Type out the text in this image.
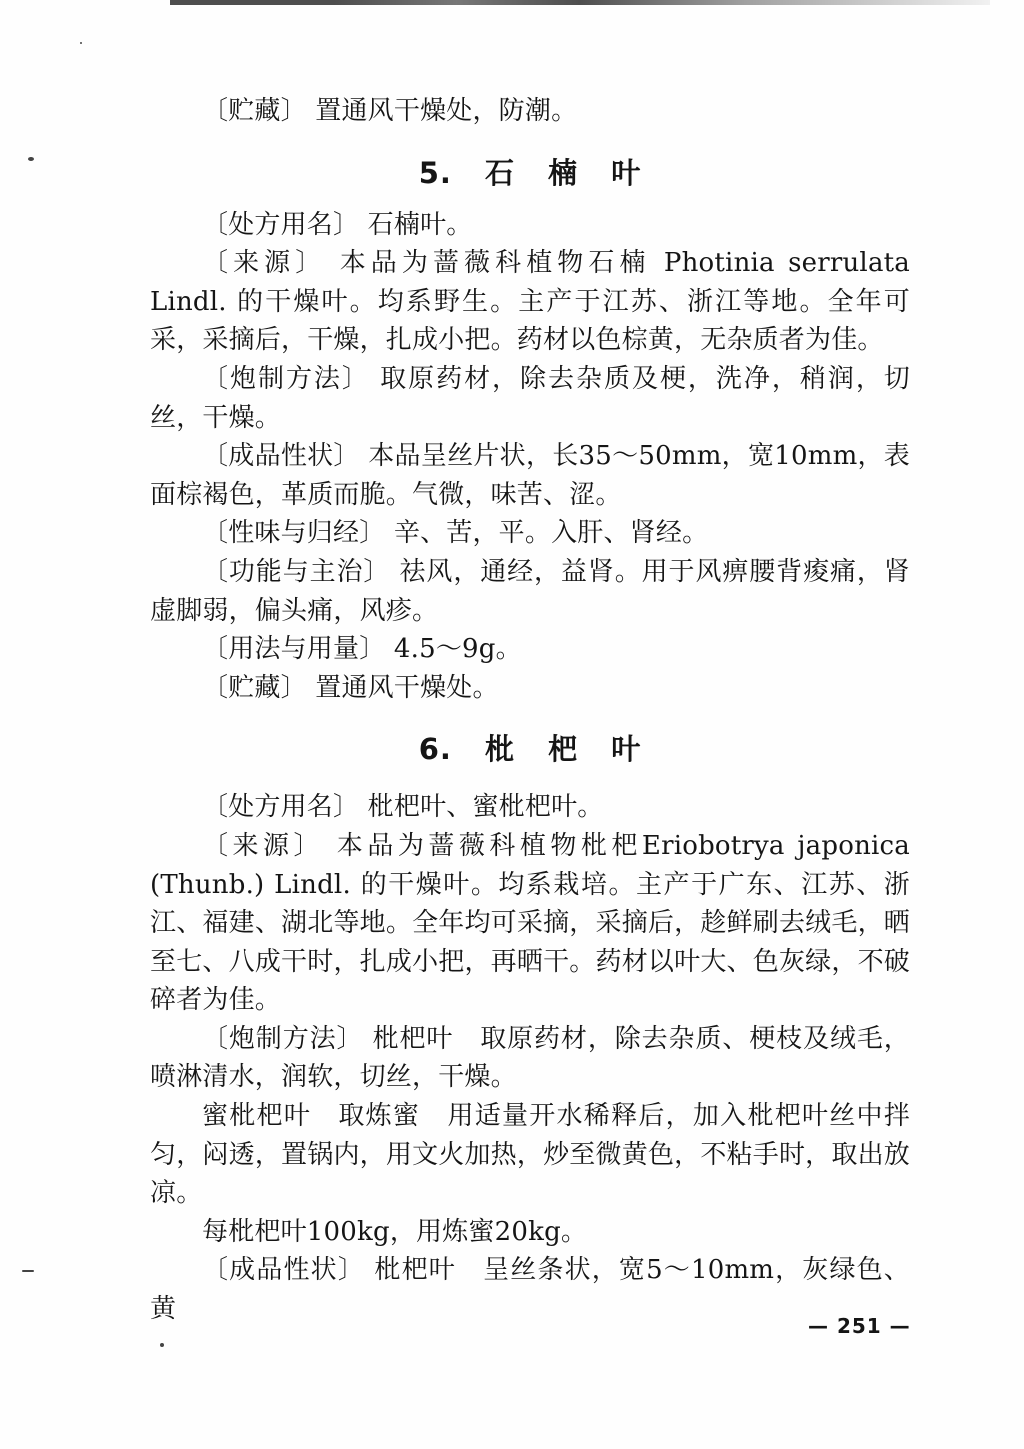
〔贮藏〕 置通风干燥处，防潮。

5. 石 楠 叶

〔处方用名〕 石楠叶。

〔来源〕 本品为蔷薇科植物石楠 Photinia serrulata Lindl. 的干燥叶。均系野生。主产于江苏、浙江等地。全年可采，采摘后，干燥，扎成小把。药材以色棕黄，无杂质者为佳。

〔炮制方法〕 取原药材，除去杂质及梗，洗净，稍润，切丝，干燥。

〔成品性状〕 本品呈丝片状，长35～50mm，宽10mm，表面棕褐色，革质而脆。气微，味苦、涩。

〔性味与归经〕 辛、苦，平。入肝、肾经。

〔功能与主治〕 祛风，通经，益肾。用于风痹腰背痠痛，肾虚脚弱，偏头痛，风疹。

〔用法与用量〕 4.5～9g。

〔贮藏〕 置通风干燥处。

6. 枇 杷 叶

〔处方用名〕 枇杷叶、蜜枇杷叶。

〔来源〕 本品为蔷薇科植物枇杷Eriobotrya japonica (Thunb.) Lindl. 的干燥叶。均系栽培。主产于广东、江苏、浙江、福建、湖北等地。全年均可采摘，采摘后，趁鲜刷去绒毛，晒至七、八成干时，扎成小把，再晒干。药材以叶大、色灰绿，不破碎者为佳。

〔炮制方法〕 枇杷叶　取原药材，除去杂质、梗枝及绒毛，喷淋清水，润软，切丝，干燥。

蜜枇杷叶　取炼蜜　用适量开水稀释后，加入枇杷叶丝中拌匀，闷透，置锅内，用文火加热，炒至微黄色，不粘手时，取出放凉。

每枇杷叶100kg，用炼蜜20kg。

〔成品性状〕 枇杷叶　呈丝条状，宽5～10mm，灰绿色、黄

— 251 —
